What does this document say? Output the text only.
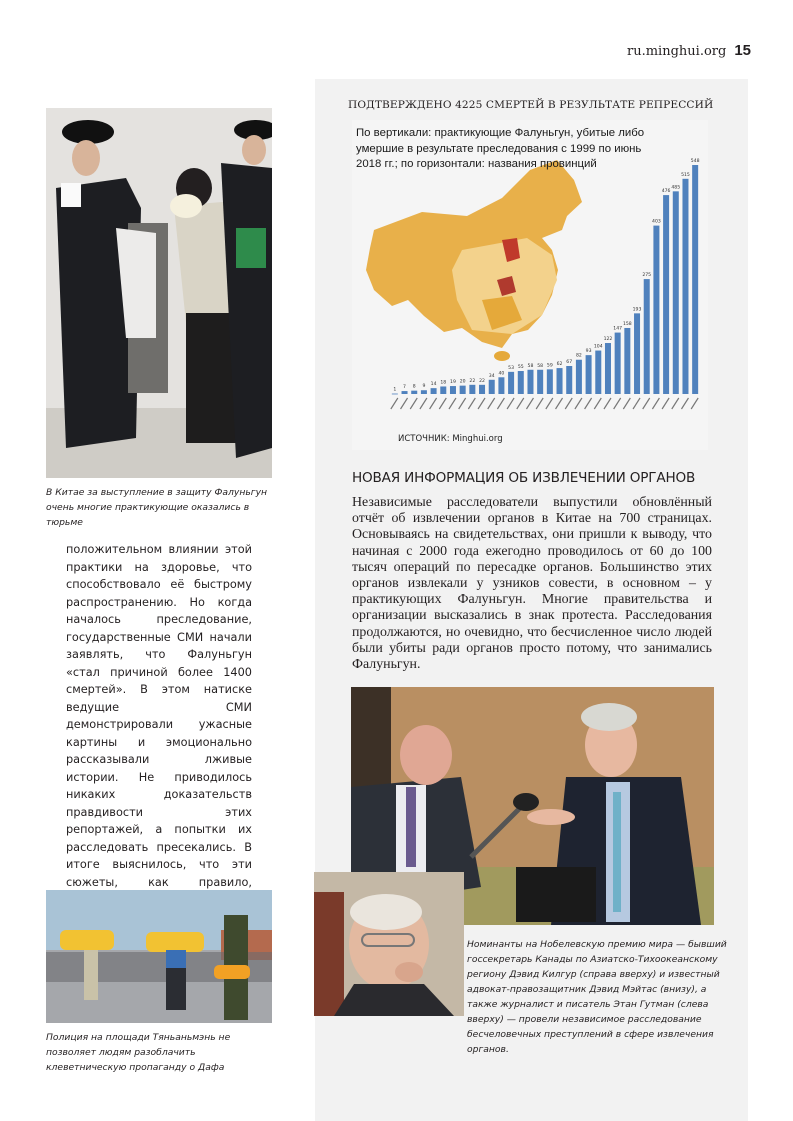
ru.minghui.org 15
В Китае за выступление в защиту Фалуньгун очень многие практикующие оказались в тюрьме
положительном влиянии этой практики на здоровье, что способствовало её быстрому распространению. Но когда началось преследование, государственные СМИ начали заявлять, что Фалуньгун «стал причиной более 1400 смертей». В этом натиске ведущие СМИ демонстрировали ужасные картины и эмоционально рассказывали лживые истории. Не приводилось никаких доказательств правдивости этих репортажей, а попытки их расследовать пресекались. В итоге выяснилось, что эти сюжеты, как правило,
Полиция на площади Тяньаньмэнь не позволяет людям разоблачить клеветническую пропаганду о Дафа
ПОДТВЕРЖДЕНО 4225 СМЕРТЕЙ В РЕЗУЛЬТАТЕ РЕПРЕССИЙ
1
7 8 9 14 18 19 20 22 22
34
40
53 55 58 58 59 62 67
82
93
104
122
147
158
193
275
403
476
485
515
548
По вертикали: практикующие Фалуньгун, убитые либо умершие в результате преследования с 1999 по июнь 2018 гг.; по горизонтали: названия провинций
ИСТОЧНИК: Minghui.org
НОВАЯ ИНФОРМАЦИЯ ОБ ИЗВЛЕЧЕНИИ ОРГАНОВ
Независимые расследователи выпустили обновлённый отчёт об извлечении органов в Китае на 700 страницах. Основываясь на свидетельствах, они пришли к выводу, что начиная с 2000 года ежегодно проводилось от 60 до 100 тысяч операций по пересадке органов. Большинство этих органов извлекали у узников совести, в основном – у практикующих Фалуньгун. Многие правительства и организации высказались в знак протеста. Расследования продолжаются, но очевидно, что бесчисленное число людей были убиты ради органов просто потому, что занимались Фалуньгун.
Номинанты на Нобелевскую премию мира — бывший госсекретарь Канады по Азиатско-Тихоокеанскому региону Дэвид Килгур (справа вверху) и известный адвокат-правозащитник Дэвид Мэйтас (внизу), а также журналист и писатель Этан Гутман (слева вверху) — провели независимое расследование бесчеловечных преступлений в сфере извлечения органов.
